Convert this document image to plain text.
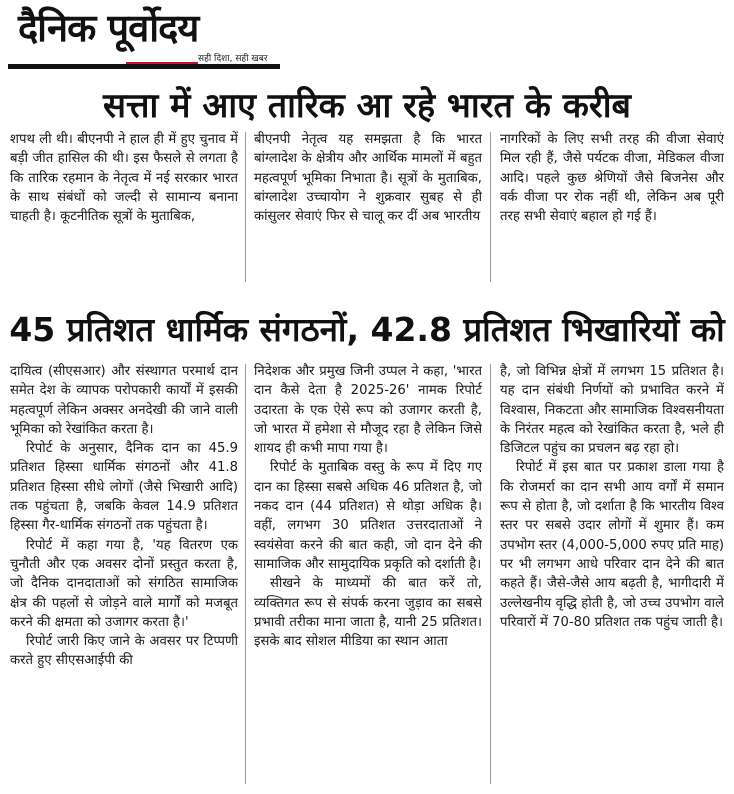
दैनिक पूर्वोदय
सही दिशा, सही खबर
सत्ता में आए तारिक आ रहे भारत के करीब

शपथ ली थी। बीएनपी ने हाल ही में हुए चुनाव में बड़ी जीत हासिल की थी। इस फैसले से लगता है कि तारिक रहमान के नेतृत्व में नई सरकार भारत के साथ संबंधों को जल्दी से सामान्य बनाना चाहती है। कूटनीतिक सूत्रों के मुताबिक,

बीएनपी नेतृत्व यह समझता है कि भारत बांग्लादेश के क्षेत्रीय और आर्थिक मामलों में बहुत महत्वपूर्ण भूमिका निभाता है। सूत्रों के मुताबिक, बांग्लादेश उच्चायोग ने शुक्रवार सुबह से ही कांसुलर सेवाएं फिर से चालू कर दीं अब भारतीय

नागरिकों के लिए सभी तरह की वीजा सेवाएं मिल रही हैं, जैसे पर्यटक वीजा, मेडिकल वीजा आदि। पहले कुछ श्रेणियों जैसे बिजनेस और वर्क वीजा पर रोक नहीं थी, लेकिन अब पूरी तरह सभी सेवाएं बहाल हो गई हैं।

45 प्रतिशत धार्मिक संगठनों, 42.8 प्रतिशत भिखारियों को

दायित्व (सीएसआर) और संस्थागत परमार्थ दान समेत देश के व्यापक परोपकारी कार्यों में इसकी महत्वपूर्ण लेकिन अक्सर अनदेखी की जाने वाली भूमिका को रेखांकित करता है।

रिपोर्ट के अनुसार, दैनिक दान का 45.9 प्रतिशत हिस्सा धार्मिक संगठनों और 41.8 प्रतिशत हिस्सा सीधे लोगों (जैसे भिखारी आदि) तक पहुंचता है, जबकि केवल 14.9 प्रतिशत हिस्सा गैर-धार्मिक संगठनों तक पहुंचता है।

रिपोर्ट में कहा गया है, 'यह वितरण एक चुनौती और एक अवसर दोनों प्रस्तुत करता है, जो दैनिक दानदाताओं को संगठित सामाजिक क्षेत्र की पहलों से जोड़ने वाले मार्गों को मजबूत करने की क्षमता को उजागर करता है।'

रिपोर्ट जारी किए जाने के अवसर पर टिप्पणी करते हुए सीएसआईपी की

निदेशक और प्रमुख जिनी उप्पल ने कहा, 'भारत दान कैसे देता है 2025-26' नामक रिपोर्ट उदारता के एक ऐसे रूप को उजागर करती है, जो भारत में हमेशा से मौजूद रहा है लेकिन जिसे शायद ही कभी मापा गया है।

रिपोर्ट के मुताबिक वस्तु के रूप में दिए गए दान का हिस्सा सबसे अधिक 46 प्रतिशत है, जो नकद दान (44 प्रतिशत) से थोड़ा अधिक है। वहीं, लगभग 30 प्रतिशत उत्तरदाताओं ने स्वयंसेवा करने की बात कही, जो दान देने की सामाजिक और सामुदायिक प्रकृति को दर्शाती है।

सीखने के माध्यमों की बात करें तो, व्यक्तिगत रूप से संपर्क करना जुड़ाव का सबसे प्रभावी तरीका माना जाता है, यानी 25 प्रतिशत। इसके बाद सोशल मीडिया का स्थान आता

है, जो विभिन्न क्षेत्रों में लगभग 15 प्रतिशत है। यह दान संबंधी निर्णयों को प्रभावित करने में विश्वास, निकटता और सामाजिक विश्वसनीयता के निरंतर महत्व को रेखांकित करता है, भले ही डिजिटल पहुंच का प्रचलन बढ़ रहा हो।

रिपोर्ट में इस बात पर प्रकाश डाला गया है कि रोजमर्रा का दान सभी आय वर्गों में समान रूप से होता है, जो दर्शाता है कि भारतीय विश्व स्तर पर सबसे उदार लोगों में शुमार हैं। कम उपभोग स्तर (4,000-5,000 रुपए प्रति माह) पर भी लगभग आधे परिवार दान देने की बात कहते हैं। जैसे-जैसे आय बढ़ती है, भागीदारी में उल्लेखनीय वृद्धि होती है, जो उच्च उपभोग वाले परिवारों में 70-80 प्रतिशत तक पहुंच जाती है।
